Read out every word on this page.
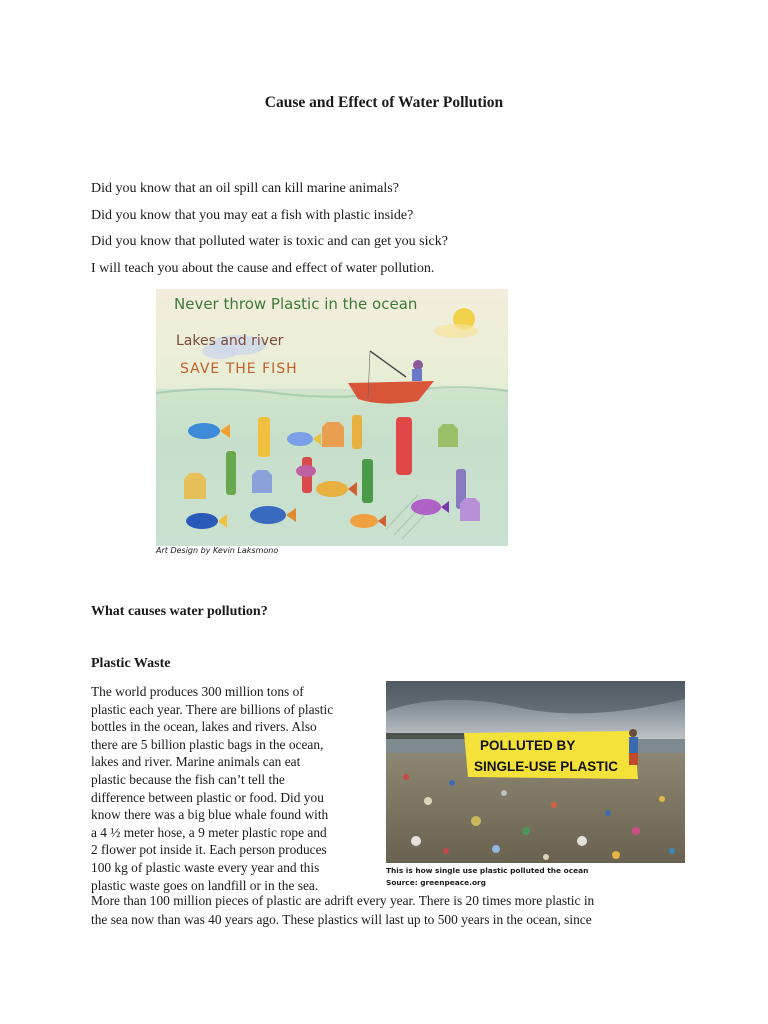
Cause and Effect of Water Pollution
Did you know that an oil spill can kill marine animals?
Did you know that you may eat a fish with plastic inside?
Did you know that polluted water is toxic and can get you sick?
I will teach you about the cause and effect of water pollution.
Never throw Plastic in the ocean
Lakes and river
SAVE THE FISH

Art Design by Kevin Laksmono

What causes water pollution?
Plastic Waste
The world produces 300 million tons of
plastic each year. There are billions of plastic
bottles in the ocean, lakes and rivers. Also
there are 5 billion plastic bags in the ocean,
lakes and river. Marine animals can eat
plastic because the fish can’t tell the
difference between plastic or food. Did you
know there was a big blue whale found with
a 4 ½ meter hose, a 9 meter plastic rope and
2 flower pot inside it. Each person produces
100 kg of plastic waste every year and this
plastic waste goes on landfill or in the sea.
More than 100 million pieces of plastic are adrift every year. There is 20 times more plastic in
the sea now than was 40 years ago. These plastics will last up to 500 years in the ocean, since
POLLUTED BY
SINGLE-USE PLASTIC
This is how single use plastic polluted the ocean
Source: greenpeace.org
